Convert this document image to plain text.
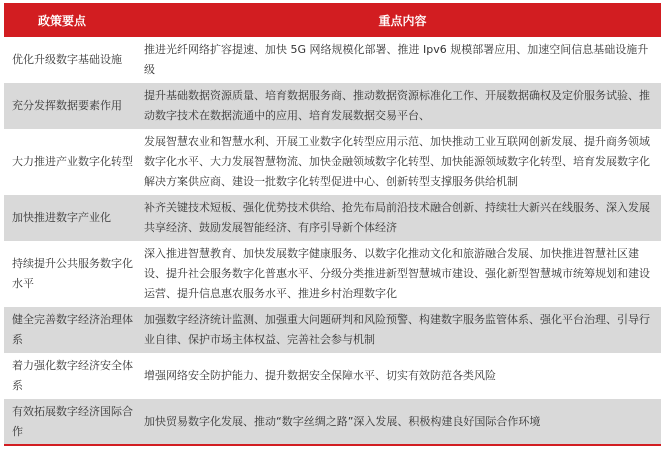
政策要点	重点内容
优化升级数字基础设施	推进光纤网络扩容提速、加快 5G 网络规模化部署、推进 Ipv6 规模部署应用、加速空间信息基础设施升级
充分发挥数据要素作用	提升基础数据资源质量、培育数据服务商、推动数据资源标准化工作、开展数据确权及定价服务试验、推动数字技术在数据流通中的应用、培育发展数据交易平台、
大力推进产业数字化转型	发展智慧农业和智慧水利、开展工业数字化转型应用示范、加快推动工业互联网创新发展、提升商务领域数字化水平、大力发展智慧物流、加快金融领域数字化转型、加快能源领域数字化转型、培育发展数字化解决方案供应商、建设一批数字化转型促进中心、创新转型支撑服务供给机制
加快推进数字产业化	补齐关键技术短板、强化优势技术供给、抢先布局前沿技术融合创新、持续壮大新兴在线服务、深入发展共享经济、鼓励发展智能经济、有序引导新个体经济
持续提升公共服务数字化水平	深入推进智慧教育、加快发展数字健康服务、以数字化推动文化和旅游融合发展、加快推进智慧社区建设、提升社会服务数字化普惠水平、分级分类推进新型智慧城市建设、强化新型智慧城市统筹规划和建设运营、提升信息惠农服务水平、推进乡村治理数字化
健全完善数字经济治理体系	加强数字经济统计监测、加强重大问题研判和风险预警、构建数字服务监管体系、强化平台治理、引导行业自律、保护市场主体权益、完善社会参与机制
着力强化数字经济安全体系	增强网络安全防护能力、提升数据安全保障水平、切实有效防范各类风险
有效拓展数字经济国际合作	加快贸易数字化发展、推动“数字丝绸之路”深入发展、积极构建良好国际合作环境
